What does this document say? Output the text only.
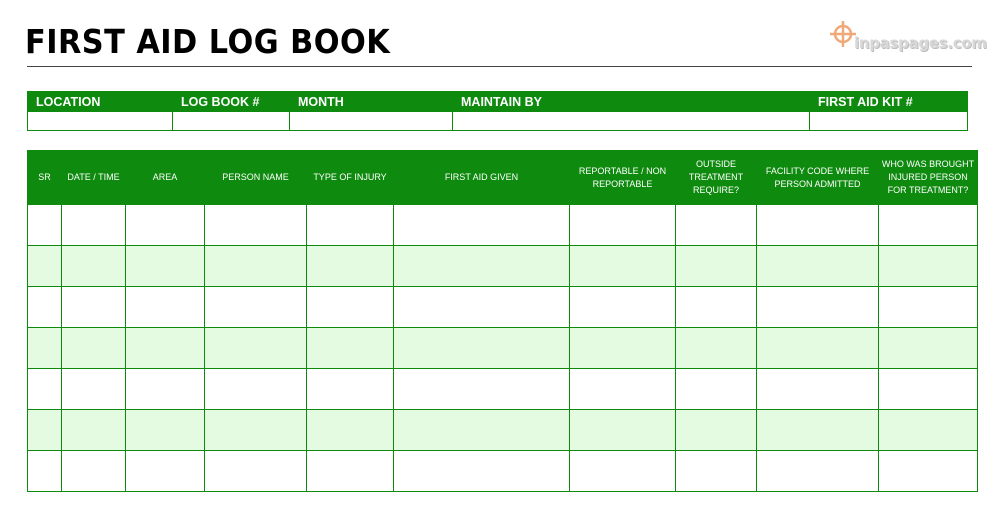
FIRST AID LOG BOOK	inpaspages.com
LOCATION	LOG BOOK #	MONTH	MAINTAIN BY		FIRST AID KIT #

SR	DATE / TIME	AREA	PERSON NAME	TYPE OF INJURY	FIRST AID GIVEN	REPORTABLE / NON REPORTABLE	OUTSIDE TREATMENT REQUIRE?	FACILITY CODE WHERE PERSON ADMITTED	WHO WAS BROUGHT INJURED PERSON FOR TREATMENT?
